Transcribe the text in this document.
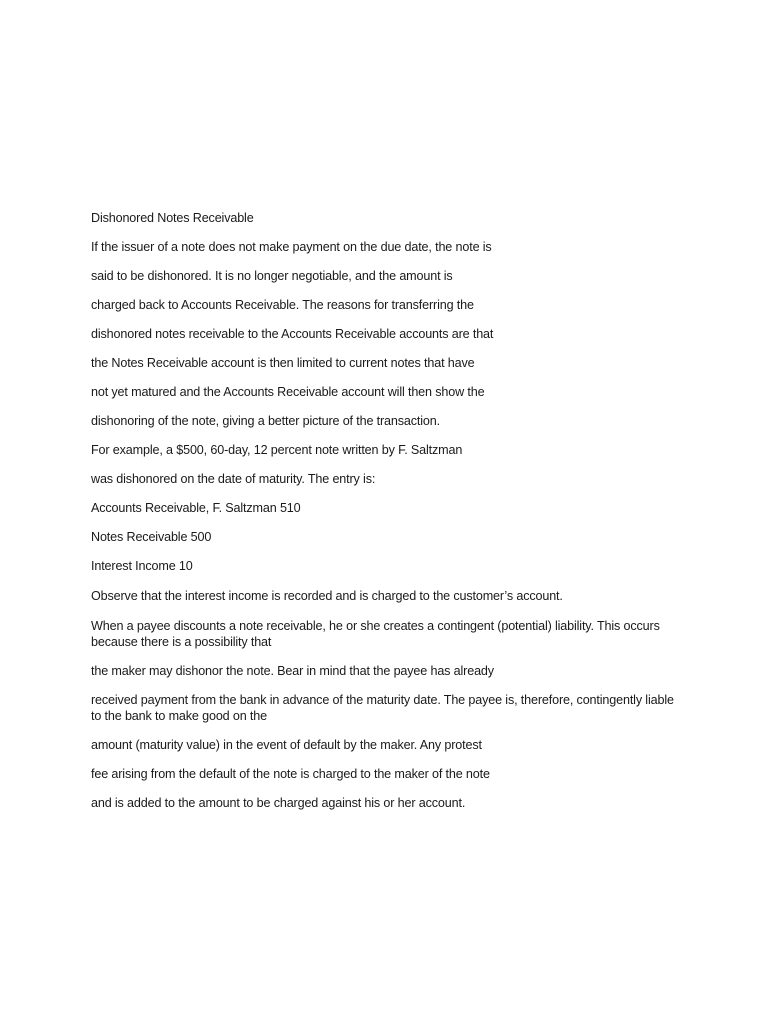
Dishonored Notes Receivable

If the issuer of a note does not make payment on the due date, the note is

said to be dishonored. It is no longer negotiable, and the amount is

charged back to Accounts Receivable. The reasons for transferring the

dishonored notes receivable to the Accounts Receivable accounts are that

the Notes Receivable account is then limited to current notes that have

not yet matured and the Accounts Receivable account will then show the

dishonoring of the note, giving a better picture of the transaction.

For example, a $500, 60-day, 12 percent note written by F. Saltzman

was dishonored on the date of maturity. The entry is:

Accounts Receivable, F. Saltzman 510

Notes Receivable 500

Interest Income 10

Observe that the interest income is recorded and is charged to the customer’s account.

When a payee discounts a note receivable, he or she creates a contingent (potential) liability. This occurs because there is a possibility that

the maker may dishonor the note. Bear in mind that the payee has already

received payment from the bank in advance of the maturity date. The payee is, therefore, contingently liable to the bank to make good on the

amount (maturity value) in the event of default by the maker. Any protest

fee arising from the default of the note is charged to the maker of the note

and is added to the amount to be charged against his or her account.
